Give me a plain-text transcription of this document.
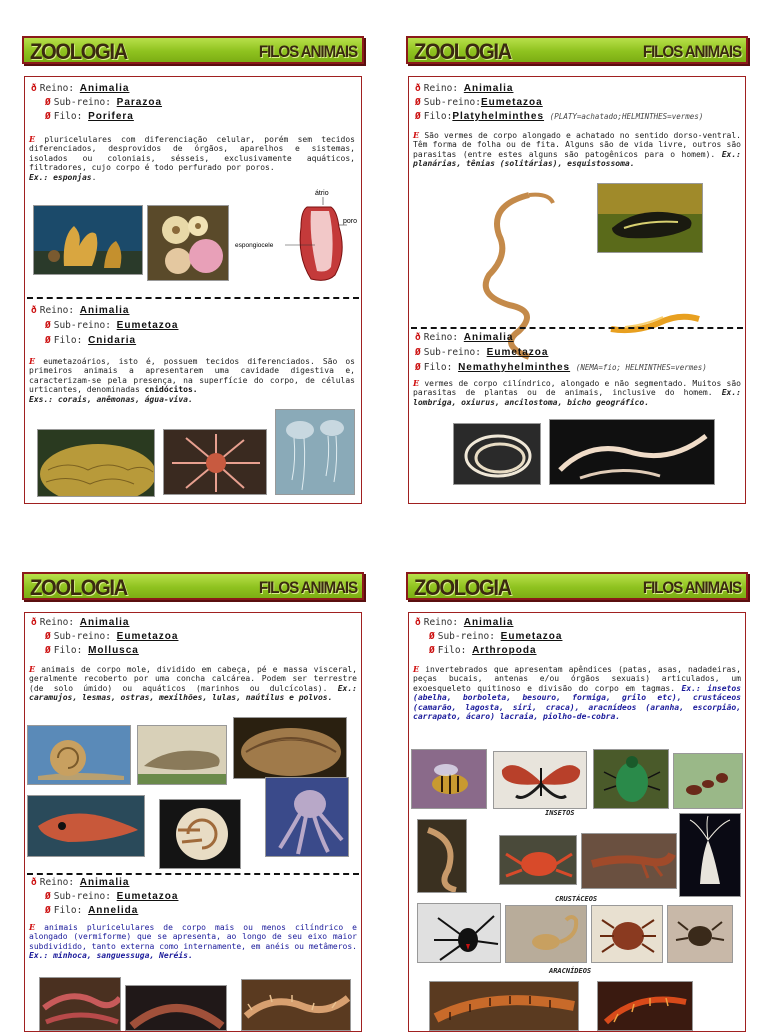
ZOOLOGIA	FILOS ANIMAIS
ð Reino: Animalia
Ø Sub-reino: Parazoa
Ø Filo: Porifera
E pluricelulares com diferenciação celular, porém sem tecidos diferenciados, desprovidos de órgãos, aparelhos e sistemas, isolados ou coloniais, sésseis, exclusivamente aquáticos, filtradores, cujo corpo é todo perfurado por poros.
Ex.: esponjas.
átrio
poro
espongiocele
ð Reino: Animalia
Ø Sub-reino: Eumetazoa
Ø Filo: Cnidaria
E eumetazoários, isto é, possuem tecidos diferenciados. São os primeiros animais a apresentarem uma cavidade digestiva e, caracterizam-se pela presença, na superfície do corpo, de células urticantes, denominadas cnidócitos.
Exs.: corais, anêmonas, água-viva.
ZOOLOGIA	FILOS ANIMAIS
ð Reino: Animalia
Ø Sub-reino:Eumetazoa
Ø Filo:Platyhelminthes (PLATY=achatado;HELMINTHES=vermes)
E São vermes de corpo alongado e achatado no sentido dorso-ventral. Têm forma de folha ou de fita. Alguns são de vida livre, outros são parasitas (entre estes alguns são patogênicos para o homem). Ex.: planárias, tênias (solitárias), esquistossoma.
ð Reino: Animalia
Ø Sub-reino: Eumetazoa
Ø Filo: Nemathyhelminthes (NEMA=fio; HELMINTHES=vermes)
E vermes de corpo cilíndrico, alongado e não segmentado. Muitos são parasitas de plantas ou de animais, inclusive do homem. Ex.: lombriga, oxiurus, ancilostoma, bicho geográfico.
ZOOLOGIA	FILOS ANIMAIS
ð Reino: Animalia
Ø Sub-reino: Eumetazoa
Ø Filo: Mollusca
E animais de corpo mole, dividido em cabeça, pé e massa visceral, geralmente recoberto por uma concha calcárea. Podem ser terrestre (de solo úmido) ou aquáticos (marinhos ou dulcícolas). Ex.: caramujos, lesmas, ostras, mexilhões, lulas, naútilus e polvos.
ð Reino: Animalia
Ø Sub-reino: Eumetazoa
Ø Filo: Annelida
E animais pluricelulares de corpo mais ou menos cilíndrico e alongado (vermiforme) que se apresenta, ao longo de seu eixo maior subdividido, tanto externa como internamente, em anéis ou metâmeros. Ex.: minhoca, sanguessuga, Neréis.
ZOOLOGIA	FILOS ANIMAIS
ð Reino: Animalia
Ø Sub-reino: Eumetazoa
Ø Filo: Arthropoda
E invertebrados que apresentam apêndices (patas, asas, nadadeiras, peças bucais, antenas e/ou órgãos sexuais) articulados, um exoesqueleto quitinoso e divisão do corpo em tagmas. Ex.: insetos (abelha, borboleta, besouro, formiga, grilo etc), crustáceos (camarão, lagosta, siri, craca), aracnídeos (aranha, escorpião, carrapato, ácaro) lacraia, piolho-de-cobra.
INSETOS
CRUSTÁCEOS
ARACNÍDEOS
